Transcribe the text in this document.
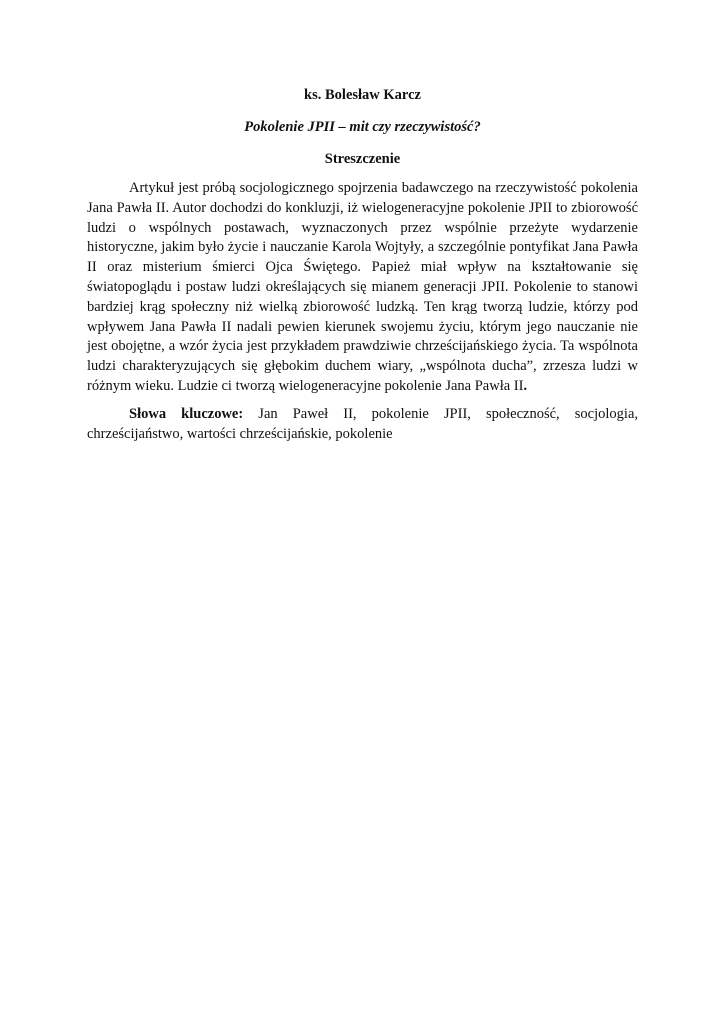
ks. Bolesław Karcz
Pokolenie JPII – mit czy rzeczywistość?
Streszczenie

Artykuł jest próbą socjologicznego spojrzenia badawczego na rzeczywistość pokolenia Jana Pawła II. Autor dochodzi do konkluzji, iż wielogeneracyjne pokolenie JPII to zbiorowość ludzi o wspólnych postawach, wyznaczonych przez wspólnie przeżyte wydarzenie historyczne, jakim było życie i nauczanie Karola Wojtyły, a szczególnie pontyfikat Jana Pawła II oraz misterium śmierci Ojca Świętego. Papież miał wpływ na kształtowanie się światopoglądu i postaw ludzi określających się mianem generacji JPII. Pokolenie to stanowi bardziej krąg społeczny niż wielką zbiorowość ludzką. Ten krąg tworzą ludzie, którzy pod wpływem Jana Pawła II nadali pewien kierunek swojemu życiu, którym jego nauczanie nie jest obojętne, a wzór życia jest przykładem prawdziwie chrześcijańskiego życia. Ta wspólnota ludzi charakteryzujących się głębokim duchem wiary, „wspólnota ducha”, zrzesza ludzi w różnym wieku. Ludzie ci tworzą wielogeneracyjne pokolenie Jana Pawła II.

Słowa kluczowe: Jan Paweł II, pokolenie JPII, społeczność, socjologia, chrześcijaństwo, wartości chrześcijańskie, pokolenie
